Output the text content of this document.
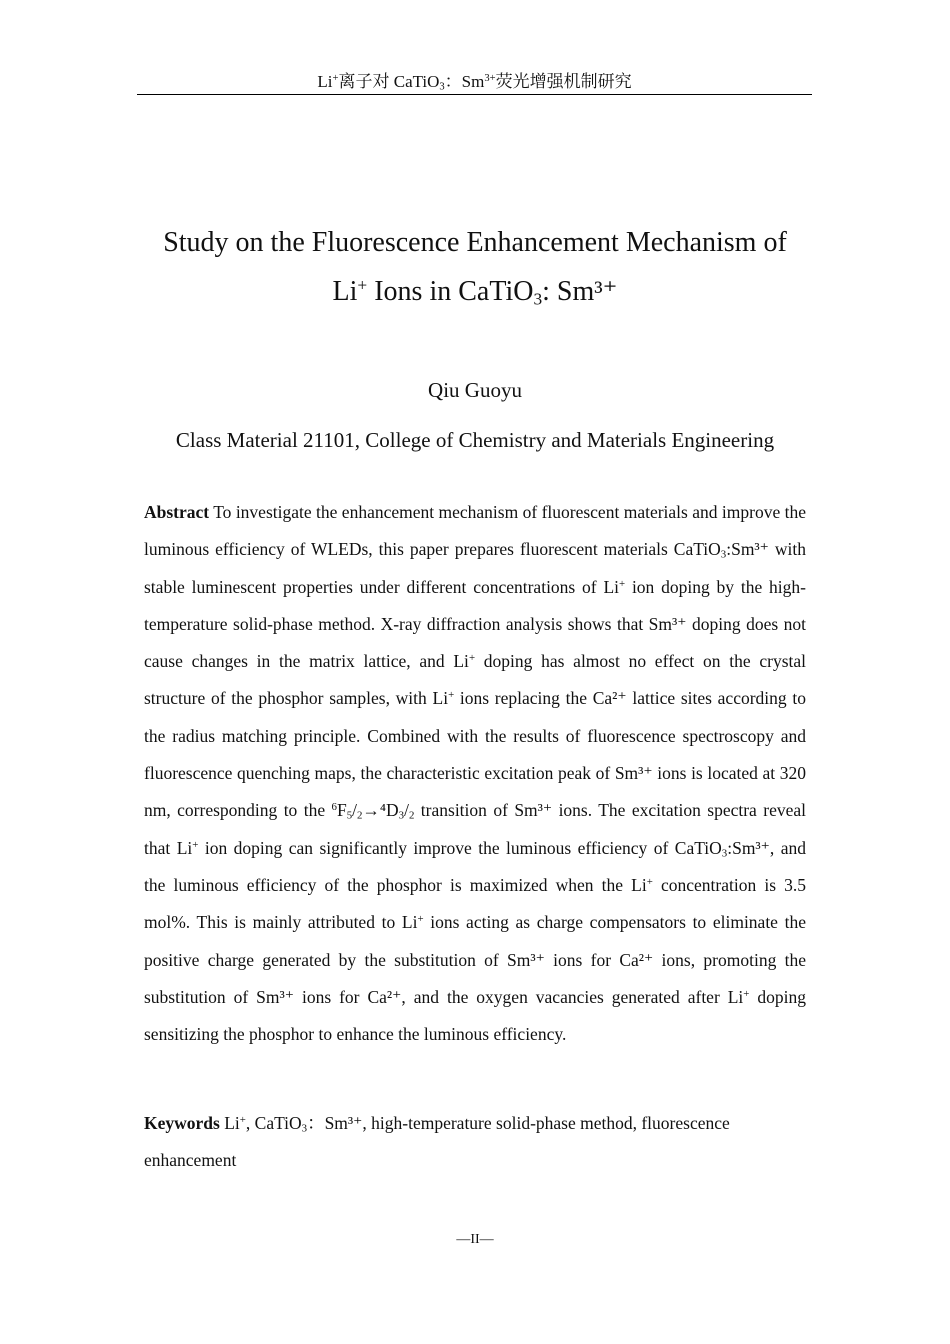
Li+离子对 CaTiO$_3$：$Sm^{3+}$荧光增强机制研究
Study on the Fluorescence Enhancement Mechanism of
Li+ Ions in CaTiO$_3$: Sm³⁺
Qiu Guoyu
Class Material 21101, College of Chemistry and Materials Engineering

Abstract To investigate the enhancement mechanism of fluorescent materials and improve the luminous efficiency of WLEDs, this paper prepares fluorescent materials CaTiO$_3$:Sm³⁺ with stable luminescent properties under different concentrations of Li+ ion doping by the high-temperature solid-phase method. X-ray diffraction analysis shows that Sm³⁺ doping does not cause changes in the matrix lattice, and Li+ doping has almost no effect on the crystal structure of the phosphor samples, with Li+ ions replacing the Ca²⁺ lattice sites according to the radius matching principle. Combined with the results of fluorescence spectroscopy and fluorescence quenching maps, the characteristic excitation peak of Sm³⁺ ions is located at 320 nm, corresponding to the $^6F_5/_2\to^4D_3/_2$ transition of Sm³⁺ ions. The excitation spectra reveal that Li+ ion doping can significantly improve the luminous efficiency of CaTiO$_3$:Sm³⁺, and the luminous efficiency of the phosphor is maximized when the Li+ concentration is 3.5 mol%. This is mainly attributed to Li+ ions acting as charge compensators to eliminate the positive charge generated by the substitution of Sm³⁺ ions for Ca²⁺ ions, promoting the substitution of Sm³⁺ ions for Ca²⁺, and the oxygen vacancies generated after Li+ doping sensitizing the phosphor to enhance the luminous efficiency.

Keywords Li+, CaTiO$_3$：Sm³⁺, high-temperature solid-phase method, fluorescence enhancement

—II—
